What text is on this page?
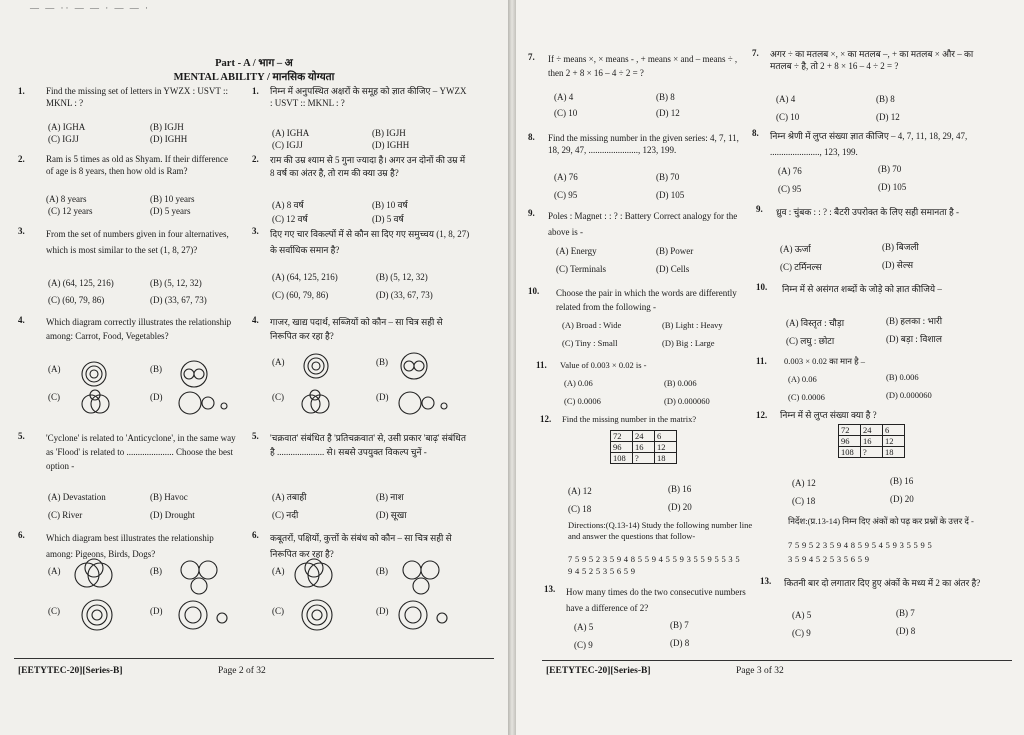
— — ·· — — · — — ·
Part - A / भाग – अ
MENTAL ABILITY / मानसिक योग्यता
1. Find the missing set of letters in YWZX : USVT :: MKNL : ?
(A) IGHA	(B) IGJH
(C) IGJJ	(D) IGHH
2. Ram is 5 times as old as Shyam. If their difference of age is 8 years, then how old is Ram?
(A) 8 years	(B) 10 years
(C) 12 years	(D) 5 years
3. From the set of numbers given in four alternatives, which is most similar to the set (1, 8, 27)?
(A) (64, 125, 216)	(B) (5, 12, 32)
(C) (60, 79, 86)	(D) (33, 67, 73)
4. Which diagram correctly illustrates the relationship among: Carrot, Food, Vegetables?
(A)	(B)
(C)	(D)
5. 'Cyclone' is related to 'Anticyclone', in the same way as 'Flood' is related to ..................... Choose the best option -
(A) Devastation	(B) Havoc
(C) River	(D) Drought
6. Which diagram best illustrates the relationship among: Pigeons, Birds, Dogs?
(A)	(B)
(C)	(D)
1. निम्न में अनुपस्थित अक्षरों के समूह को ज्ञात कीजिए – YWZX : USVT :: MKNL : ?
(A) IGHA	(B) IGJH
(C) IGJJ	(D) IGHH
2. राम की उम्र श्याम से 5 गुना ज्यादा है। अगर उन दोनों की उम्र में 8 वर्ष का अंतर है, तो राम की क्या उम्र है?
(A) 8 वर्ष	(B) 10 वर्ष
(C) 12 वर्ष	(D) 5 वर्ष
3. दिए गए चार विकल्पों में से कौन सा दिए गए समुच्चय (1, 8, 27) के सर्वाधिक समान है?
(A) (64, 125, 216)	(B) (5, 12, 32)
(C) (60, 79, 86)	(D) (33, 67, 73)
4. गाजर, खाद्य पदार्थ, सब्जियों को कौन – सा चित्र सही से निरूपित कर रहा है?
(A)	(B)
(C)	(D)
5. 'चक्रवात' संबंधित है 'प्रतिचक्रवात' से, उसी प्रकार 'बाढ़' संबंधित है ..................... से। सबसे उपयुक्त विकल्प चुनें -
(A) तबाही	(B) नाश
(C) नदी	(D) सूखा
6. कबूतरों, पक्षियों, कुत्तों के संबंध को कौन – सा चित्र सही से निरूपित कर रहा है?
(A)	(B)
(C)	(D)
[EETYTEC-20][Series-B]	Page 2 of 32
7. If ÷ means ×, × means - , + means × and – means ÷ , then 2 + 8 × 16 – 4 ÷ 2 = ?
(A) 4	(B) 8
(C) 10	(D) 12
8. Find the missing number in the given series: 4, 7, 11, 18, 29, 47, ......................, 123, 199.
(A) 76	(B) 70
(C) 95	(D) 105
9. Poles : Magnet : : ? : Battery Correct analogy for the above is -
(A) Energy	(B) Power
(C) Terminals	(D) Cells
10. Choose the pair in which the words are differently related from the following -
(A) Broad : Wide	(B) Light : Heavy
(C) Tiny : Small	(D) Big : Large
11. Value of 0.003 × 0.02 is -
(A) 0.06	(B) 0.006
(C) 0.0006	(D) 0.000060
12. Find the missing number in the matrix?
72	24	6
96	16	12
108	?	18
(A) 12	(B) 16
(C) 18	(D) 20
Directions:(Q.13-14) Study the following number line and answer the questions that follow-
7 5 9 5 2 3 5 9 4 8 5 5 9 4 5 5 9 3 5 5 9 5 5 3 5
9 4 5 2 5 3 5 6 5 9
13. How many times do the two consecutive numbers have a difference of 2?
(A) 5	(B) 7
(C) 9	(D) 8
7. अगर ÷ का मतलब ×, × का मतलब –, + का मतलब × और – का मतलब ÷ है, तो 2 + 8 × 16 – 4 ÷ 2 = ?
(A) 4	(B) 8
(C) 10	(D) 12
8. निम्न श्रेणी में लुप्त संख्या ज्ञात कीजिए – 4, 7, 11, 18, 29, 47, ......................, 123, 199.
(A) 76	(B) 70
(C) 95	(D) 105
9. ध्रुव : चुंबक : : ? : बैटरी उपरोक्त के लिए सही समानता है -
(A) ऊर्जा	(B) बिजली
(C) टर्मिनल्स	(D) सेल्स
10. निम्न में से असंगत शब्दों के जोड़े को ज्ञात कीजिये –
(A) विस्तृत : चौड़ा	(B) हलका : भारी
(C) लघु : छोटा	(D) बड़ा : विशाल
11. 0.003 × 0.02 का मान है –
(A) 0.06	(B) 0.006
(C) 0.0006	(D) 0.000060
12. निम्न में से लुप्त संख्या क्या है ?
72	24	6
96	16	12
108	?	18
(A) 12	(B) 16
(C) 18	(D) 20
निर्देश:(प्र.13-14) निम्न दिए अंकों को पढ़ कर प्रश्नों के उत्तर दें -
7 5 9 5 2 3 5 9 4 8 5 9 5 4 5 9 3 5 5 9 5
3 5 9 4 5 2 5 3 5 6 5 9
13. कितनी बार दो लगातार दिए हुए अंकों के मध्य में 2 का अंतर है?
(A) 5	(B) 7
(C) 9	(D) 8
[EETYTEC-20][Series-B]	Page 3 of 32
